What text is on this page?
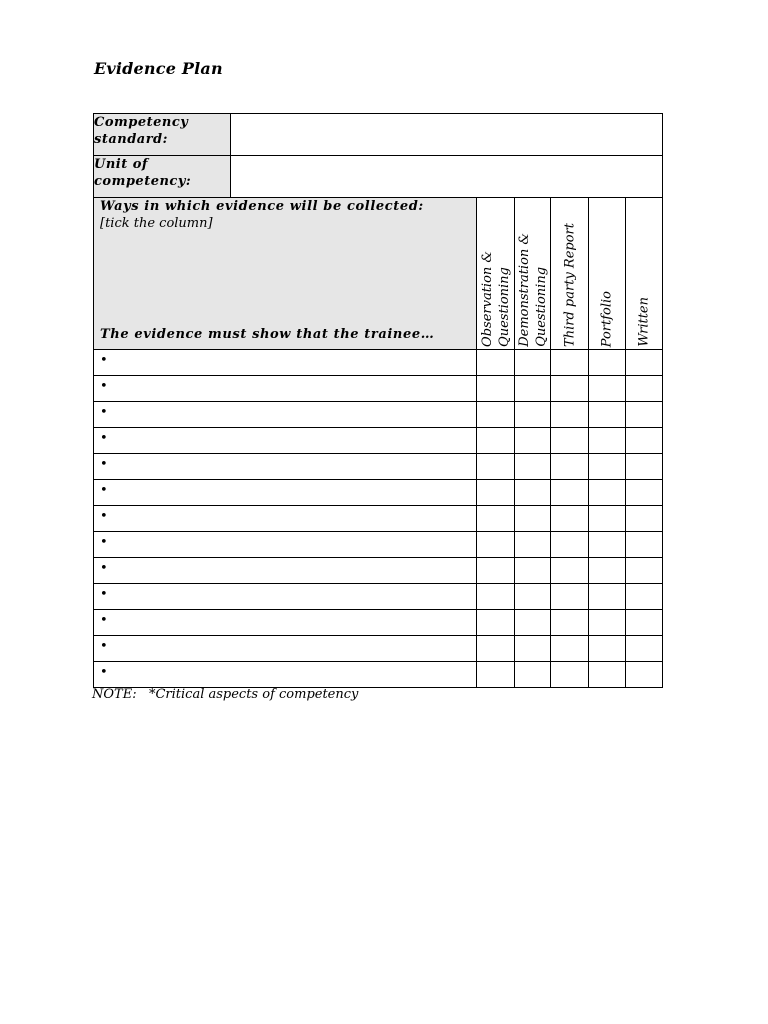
Evidence Plan
Competency standard:						
Unit of competency:						

Ways in which evidence will be collected:
[tick the column]
The evidence must show that the trainee…		Observation & Questioning	Demonstration & Questioning	Third party Report	Portfolio	Written

•						
•						
•						
•						
•						
•						
•						
•						
•						
•						
•						
•						
•						
NOTE:   *Critical aspects of competency
